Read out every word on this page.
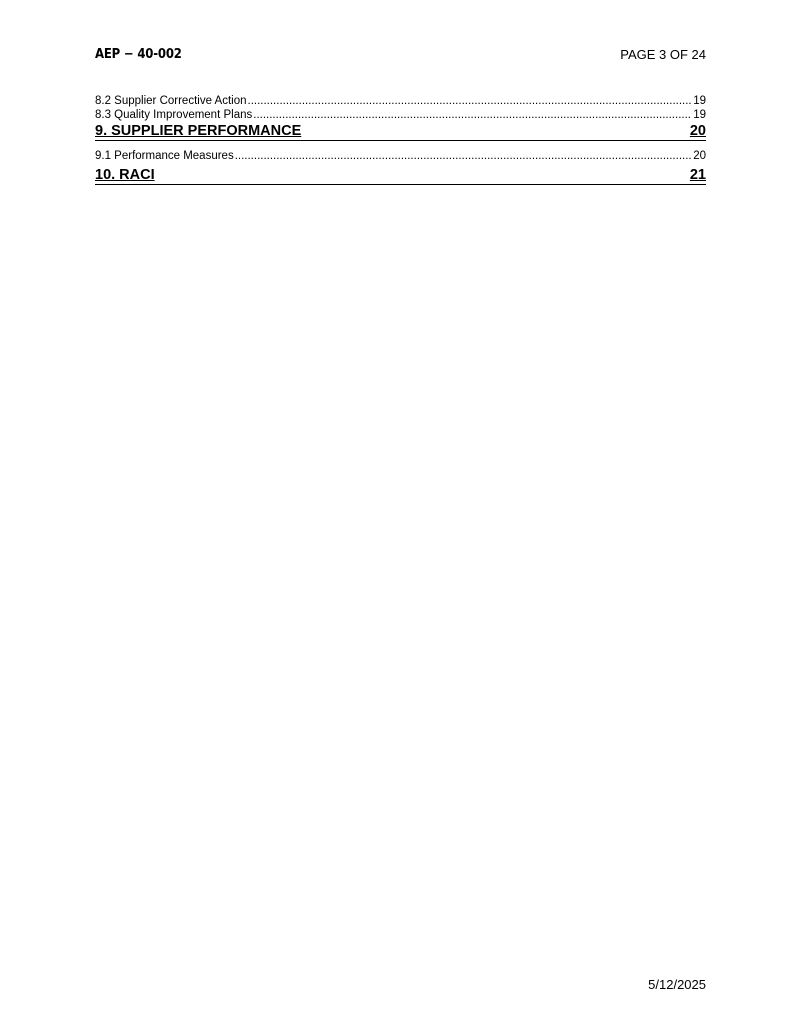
AEP − 40-002	PAGE 3 OF 24
8.2 Supplier Corrective Action .....	19
8.3 Quality Improvement Plans .....	19
9. SUPPLIER PERFORMANCE	20
9.1 Performance Measures .....	20
10. RACI	21
5/12/2025
